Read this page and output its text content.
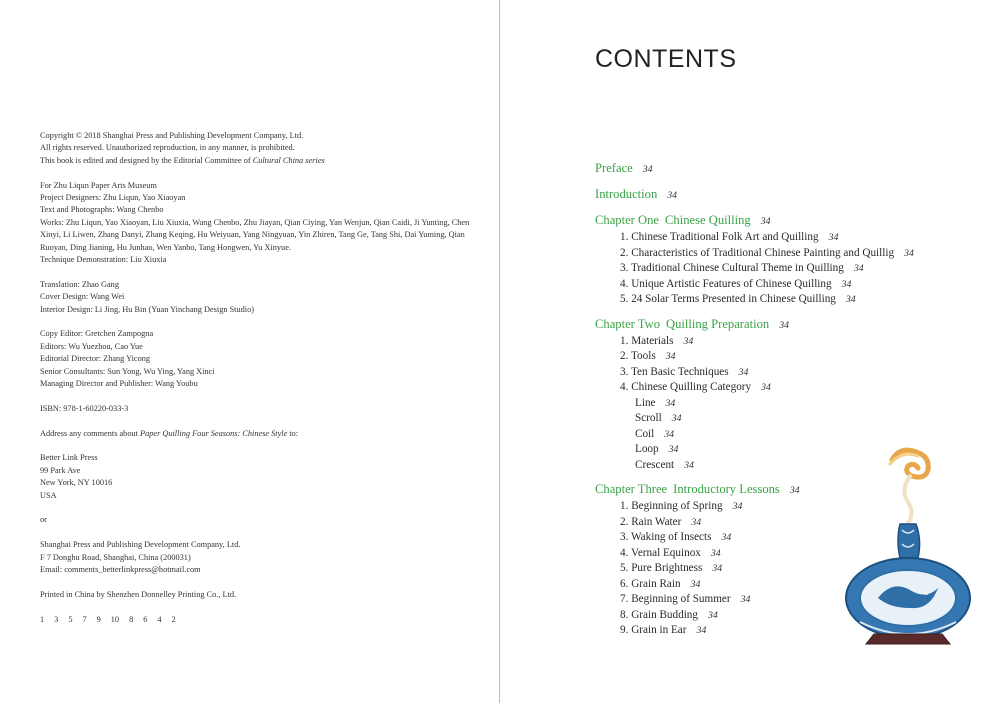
Copyright © 2018 Shanghai Press and Publishing Development Company, Ltd.
All rights reserved. Unauthorized reproduction, in any manner, is prohibited.
This book is edited and designed by the Editorial Committee of Cultural China series
For Zhu Liqun Paper Arts Museum
Project Designers: Zhu Liqun, Yao Xiaoyan
Text and Photographs: Wang Chenbo
Works: Zhu Liqun, Yao Xiaoyan, Liu Xiuxia, Wang Chenbo, Zhu Jiayan, Qian Ciying, Yan Wenjun, Qian Caidi, Ji Yunting, Chen Xinyi, Li Liwen, Zhang Danyi, Zhang Keqing, Hu Weiyuan, Yang Ningyuan, Yin Zhiren, Tang Ge, Tang Shi, Dai Yuming, Qian Ruoyan, Ding Jianing, Hu Junhao, Wen Yanbo, Tang Hongwen, Yu Xinyue.
Technique Demonstration: Liu Xiuxia
Translation: Zhao Gang
Cover Design: Wang Wei
Interior Design: Li Jing, Hu Bin (Yuan Yinchang Design Studio)
Copy Editor: Gretchen Zampogna
Editors: Wu Yuezhou, Cao Yue
Editorial Director: Zhang Yicong
Senior Consultants: Sun Yong, Wu Ying, Yang Xinci
Managing Director and Publisher: Wang Youbu
ISBN: 978-1-60220-033-3
Address any comments about Paper Quilling Four Seasons: Chinese Style to:
Better Link Press
99 Park Ave
New York, NY 10016
USA
or
Shanghai Press and Publishing Development Company, Ltd.
F 7 Donghu Road, Shanghai, China (200031)
Email: comments_betterlinkpress@hotmail.com
Printed in China by Shenzhen Donnelley Printing Co., Ltd.
1 3 5 7 9 10 8 6 4 2
CONTENTS
Preface 34
Introduction 34
Chapter One Chinese Quilling 34
1. Chinese Traditional Folk Art and Quilling 34
2. Characteristics of Traditional Chinese Painting and Quillig 34
3. Traditional Chinese Cultural Theme in Quilling 34
4. Unique Artistic Features of Chinese Quilling 34
5. 24 Solar Terms Presented in Chinese Quilling 34
Chapter Two Quilling Preparation 34
1. Materials 34
2. Tools 34
3. Ten Basic Techniques 34
4. Chinese Quilling Category 34
Line 34
Scroll 34
Coil 34
Loop 34
Crescent 34
Chapter Three Introductory Lessons 34
1. Beginning of Spring 34
2. Rain Water 34
3. Waking of Insects 34
4. Vernal Equinox 34
5. Pure Brightness 34
6. Grain Rain 34
7. Beginning of Summer 34
8. Grain Budding 34
9. Grain in Ear 34
